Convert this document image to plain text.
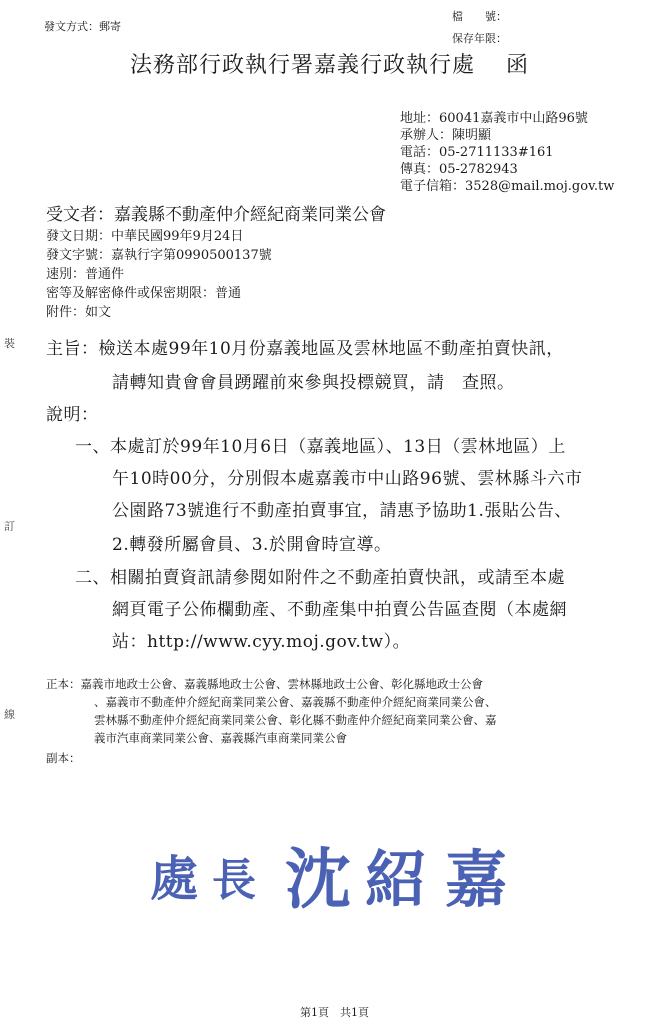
發文方式：郵寄
檔　　號：
保存年限：
法務部行政執行署嘉義行政執行處　 函
地址：60041嘉義市中山路96號
承辦人：陳明顯
電話：05-2711133#161
傳真：05-2782943
電子信箱：3528@mail.moj.gov.tw
受文者：嘉義縣不動產仲介經紀商業同業公會
發文日期：中華民國99年9月24日
發文字號：嘉執行字第0990500137號
速別：普通件
密等及解密條件或保密期限：普通
附件：如文
裝
訂
線
主旨：檢送本處99年10月份嘉義地區及雲林地區不動產拍賣快訊，
請轉知貴會會員踴躍前來參與投標競買，請　查照。
說明：
一、本處訂於99年10月6日（嘉義地區）、13日（雲林地區）上
午10時00分，分別假本處嘉義市中山路96號、雲林縣斗六市
公園路73號進行不動產拍賣事宜，請惠予協助1.張貼公告、
2.轉發所屬會員、3.於開會時宣導。
二、相關拍賣資訊請參閱如附件之不動產拍賣快訊，或請至本處
網頁電子公佈欄動產、不動產集中拍賣公告區查閱（本處網
站：http://www.cyy.moj.gov.tw）。
正本：嘉義市地政士公會、嘉義縣地政士公會、雲林縣地政士公會、彰化縣地政士公會
、嘉義市不動產仲介經紀商業同業公會、嘉義縣不動產仲介經紀商業同業公會、
雲林縣不動產仲介經紀商業同業公會、彰化縣不動產仲介經紀商業同業公會、嘉
義市汽車商業同業公會、嘉義縣汽車商業同業公會
副本：
處 長 沈 紹 嘉
第1頁　共1頁
